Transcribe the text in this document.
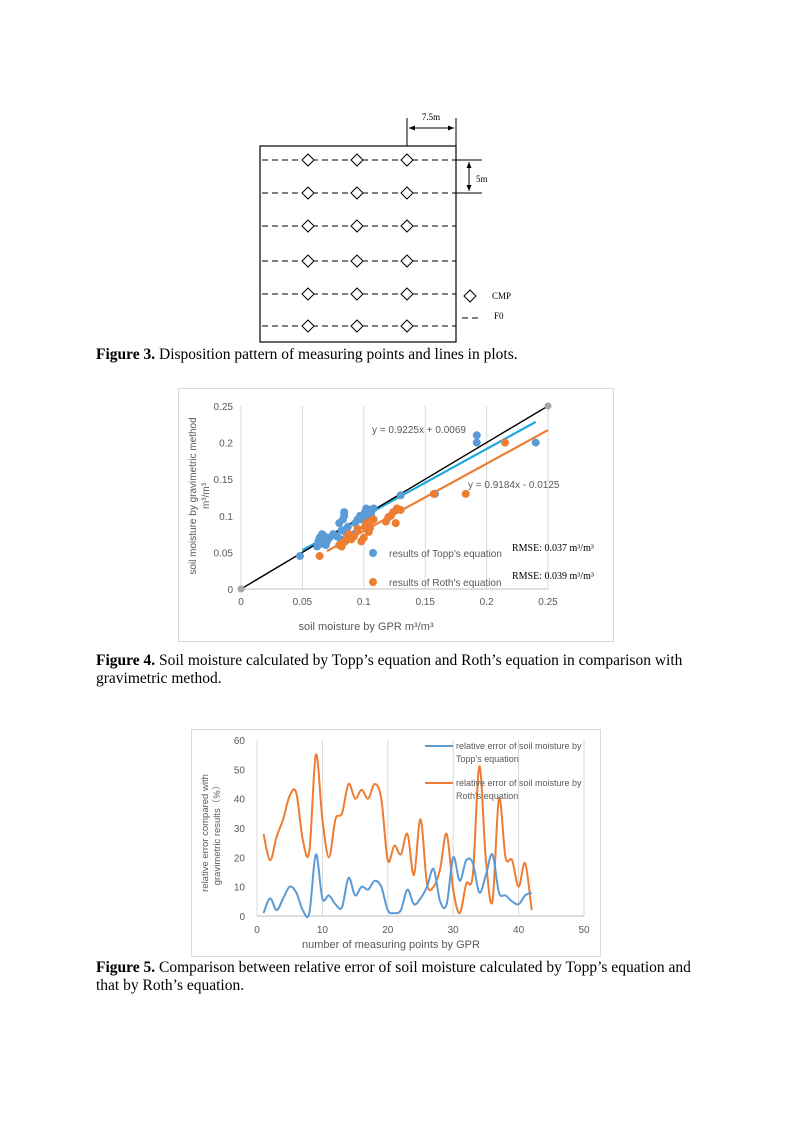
7.5m
5m
CMP
F0
Figure 3. Disposition pattern of measuring points and lines in plots.
0	0.05	0.1	0.15	0.2	0.25
0
0.05
0.1
0.15
0.2
0.25
soil moisture by GPR m³/m³
soil moisture by gravimetric method m³/m³
y = 0.9225x + 0.0069
y = 0.9184x - 0.0125
RMSE: 0.037 m³/m³
RMSE: 0.039 m³/m³
results of Topp's equation
results of Roth's equation
Figure 4. Soil moisture calculated by Topp’s equation and Roth’s equation in comparison with gravimetric method.
0	10	20	30	40	50
0
10
20
30
40
50
60
number of measuring points by GPR
relative error compared with gravimetric results（%）
relative error of soil moisture by
Topp's equation
relative error of soil moisture by
Roth's equation
Figure 5. Comparison between relative error of soil moisture calculated by Topp’s equation and that by Roth’s equation.
